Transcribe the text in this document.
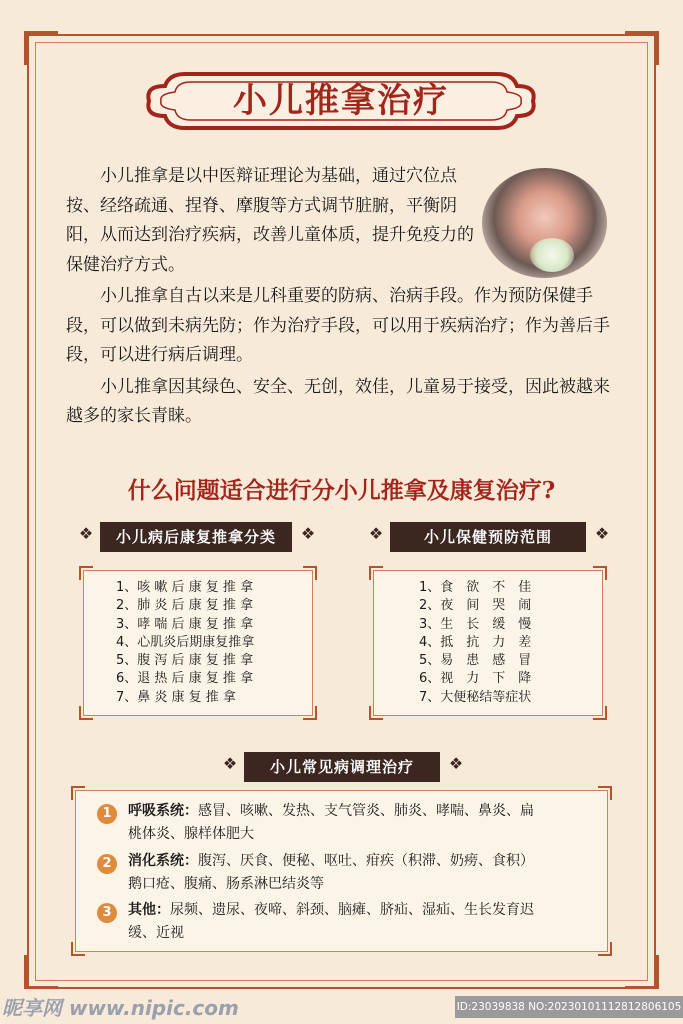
小儿推拿治疗

小儿推拿是以中医辩证理论为基础，通过穴位点按、经络疏通、捏脊、摩腹等方式调节脏腑，平衡阴阳，从而达到治疗疾病，改善儿童体质，提升免疫力的保健治疗方式。

小儿推拿自古以来是儿科重要的防病、治病手段。作为预防保健手段，可以做到未病先防；作为治疗手段，可以用于疾病治疗；作为善后手段，可以进行病后调理。

小儿推拿因其绿色、安全、无创，效佳，儿童易于接受，因此被越来越多的家长青睐。

什么问题适合进行分小儿推拿及康复治疗?
❖	小儿病后康复推拿分类	❖	❖	小儿保健预防范围	❖
1、咳 嗽 后 康 复 推 拿
2、肺 炎 后 康 复 推 拿
3、哮 喘 后 康 复 推 拿
4、心肌炎后期康复推拿
5、腹 泻 后 康 复 推 拿
6、退 热 后 康 复 推 拿
7、鼻 炎 康 复 推 拿
1、食　欲　不　佳
2、夜　间　哭　闹
3、生　长　缓　慢
4、抵　抗　力　差
5、易　患　感　冒
6、视　力　下　降
7、大便秘结等症状
❖	小儿常见病调理治疗	❖
1	呼吸系统：感冒、咳嗽、发热、支气管炎、肺炎、哮喘、鼻炎、扁
桃体炎、腺样体肥大
2	消化系统：腹泻、厌食、便秘、呕吐、疳疾（积滞、奶痨、食积）
鹅口疮、腹痛、肠系淋巴结炎等
3	其他：尿频、遗尿、夜啼、斜颈、脑瘫、脐疝、湿疝、生长发育迟
缓、近视
昵享网 www.nipic.com	ID:23039838 NO:20230101112812806105
